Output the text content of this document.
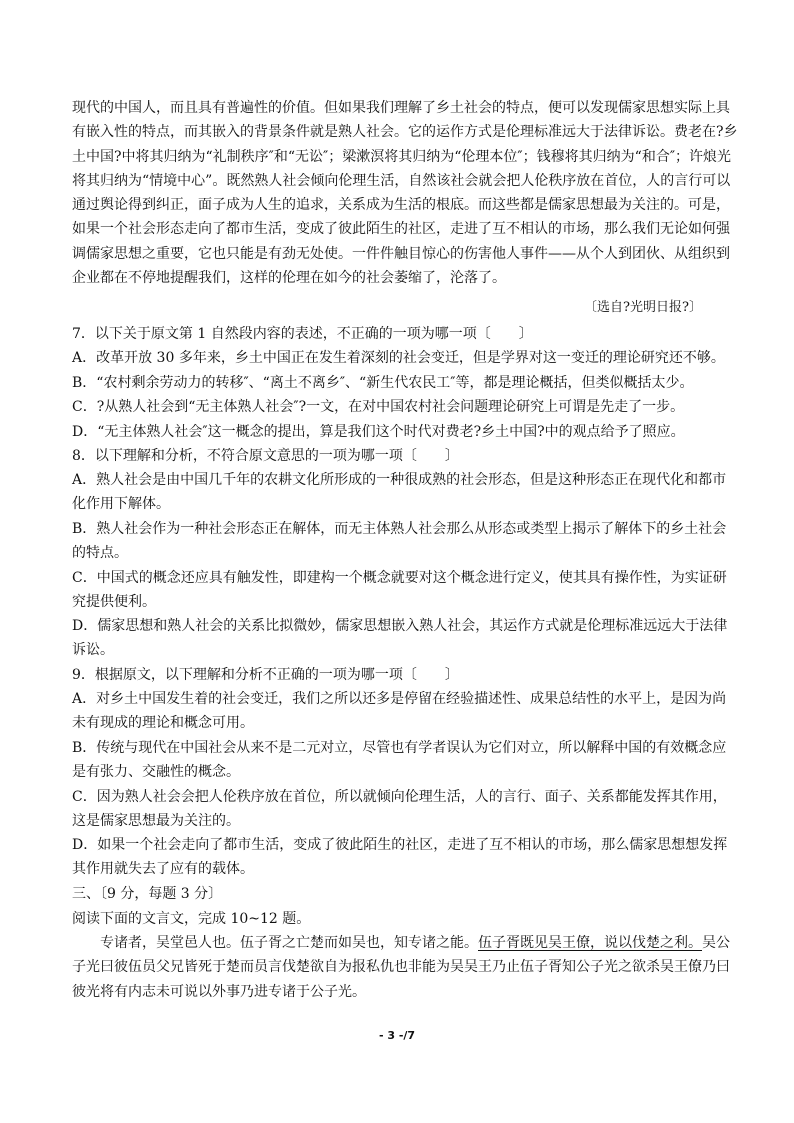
现代的中国人，而且具有普遍性的价值。但如果我们理解了乡土社会的特点，便可以发现儒家思想实际上具有嵌入性的特点，而其嵌入的背景条件就是熟人社会。它的运作方式是伦理标准远大于法律诉讼。费老在?乡土中国?中将其归纳为“礼制秩序″和“无讼″；梁漱溟将其归纳为“伦理本位″；钱穆将其归纳为“和合″；许烺光将其归纳为“情境中心”。既然熟人社会倾向伦理生活，自然该社会就会把人伦秩序放在首位，人的言行可以通过舆论得到纠正，面子成为人生的追求，关系成为生活的根底。而这些都是儒家思想最为关注的。可是，如果一个社会形态走向了都市生活，变成了彼此陌生的社区，走进了互不相认的市场，那么我们无论如何强调儒家思想之重要，它也只能是有劲无处使。一件件触目惊心的伤害他人事件——从个人到团伙、从组织到企业都在不停地提醒我们，这样的伦理在如今的社会萎缩了，沦落了。

〔选自?光明日报?〕

7．以下关于原文第 1 自然段内容的表述，不正确的一项为哪一项〔　　〕

A．改革开放 30 多年来，乡土中国正在发生着深刻的社会变迁，但是学界对这一变迁的理论研究还不够。

B．“农村剩余劳动力的转移″、“离土不离乡″、“新生代农民工″等，都是理论概括，但类似概括太少。

C．?从熟人社会到“无主体熟人社会″?一文，在对中国农村社会问题理论研究上可谓是先走了一步。

D．“无主体熟人社会″这一概念的提出，算是我们这个时代对费老?乡土中国?中的观点给予了照应。

8．以下理解和分析，不符合原文意思的一项为哪一项〔　　〕

A．熟人社会是由中国几千年的农耕文化所形成的一种很成熟的社会形态，但是这种形态正在现代化和都市化作用下解体。

B．熟人社会作为一种社会形态正在解体，而无主体熟人社会那么从形态或类型上揭示了解体下的乡土社会的特点。

C．中国式的概念还应具有触发性，即建构一个概念就要对这个概念进行定义，使其具有操作性，为实证研究提供便利。

D．儒家思想和熟人社会的关系比拟微妙，儒家思想嵌入熟人社会，其运作方式就是伦理标准远远大于法律诉讼。

9．根据原文，以下理解和分析不正确的一项为哪一项〔　　〕

A．对乡土中国发生着的社会变迁，我们之所以还多是停留在经验描述性、成果总结性的水平上，是因为尚未有现成的理论和概念可用。

B．传统与现代在中国社会从来不是二元对立，尽管也有学者误认为它们对立，所以解释中国的有效概念应是有张力、交融性的概念。

C．因为熟人社会会把人伦秩序放在首位，所以就倾向伦理生活，人的言行、面子、关系都能发挥其作用，这是儒家思想最为关注的。

D．如果一个社会走向了都市生活，变成了彼此陌生的社区，走进了互不相认的市场，那么儒家思想想发挥其作用就失去了应有的载体。

三、〔9 分，每题 3 分〕

阅读下面的文言文，完成 10~12 题。

专诸者，吴堂邑人也。伍子胥之亡楚而如吴也，知专诸之能。伍子胥既见吴王僚，说以伐楚之利。吴公子光曰彼伍员父兄皆死于楚而员言伐楚欲自为报私仇也非能为吴吴王乃止伍子胥知公子光之欲杀吴王僚乃曰彼光将有内志未可说以外事乃进专诸于公子光。

- 3 -/7
